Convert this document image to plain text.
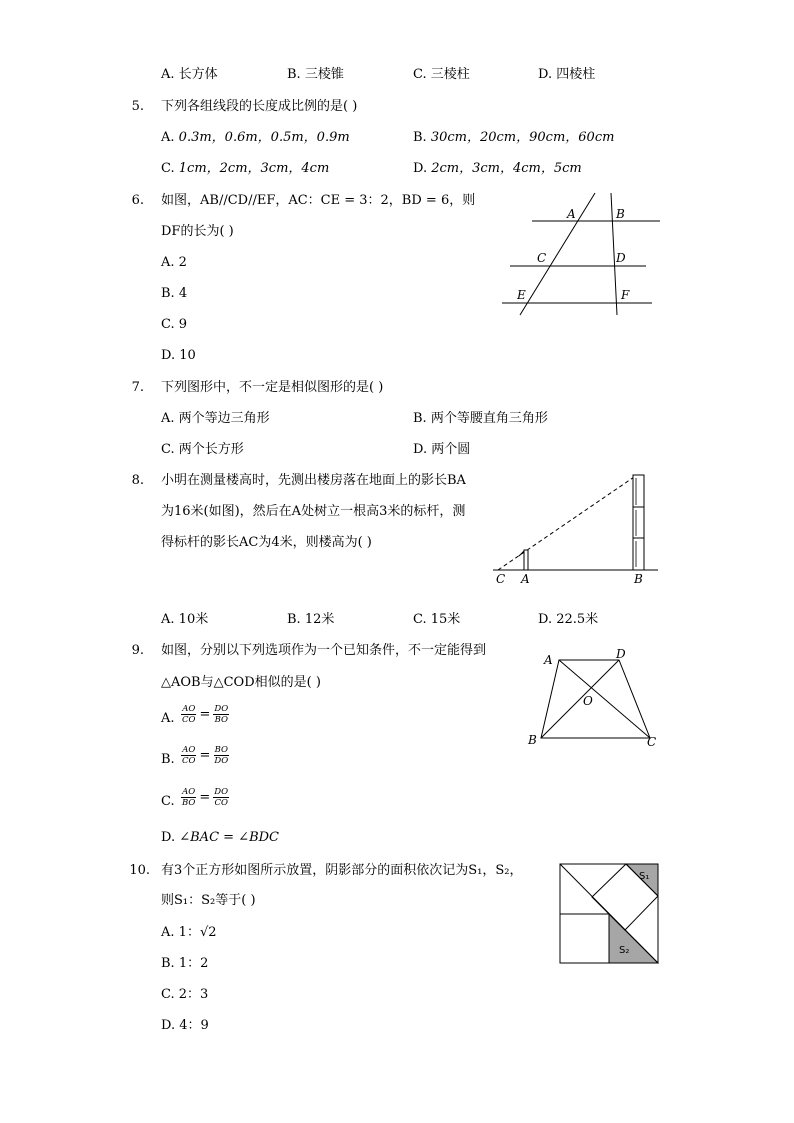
A. 长方体	B. 三棱锥	C. 三棱柱	D. 四棱柱
5. 下列各组线段的长度成比例的是( )
A. 0.3m，0.6m，0.5m，0.9m	B. 30cm，20cm，90cm，60cm
C. 1cm，2cm，3cm，4cm	D. 2cm，3cm，4cm，5cm
6. 如图，AB//CD//EF，AC：CE = 3：2，BD = 6，则
DF的长为( )
A. 2
B. 4
C. 9
D. 10
A	B
C	D
E	F
7. 下列图形中，不一定是相似图形的是( )
A. 两个等边三角形	B. 两个等腰直角三角形
C. 两个长方形	D. 两个圆
8. 小明在测量楼高时，先测出楼房落在地面上的影长BA
为16米(如图)，然后在A处树立一根高3米的标杆，测
得标杆的影长AC为4米，则楼高为( )
C A	B
A. 10米	B. 12米	C. 15米	D. 22.5米
9. 如图，分别以下列选项作为一个已知条件，不一定能得到
△AOB与△COD相似的是( )
A. $\frac{AO}{CO} = \frac{DO}{BO}$
B. $\frac{AO}{CO} = \frac{BO}{DO}$
C. $\frac{AO}{BO} = \frac{DO}{CO}$
D. ∠BAC = ∠BDC
A	D
O
B	C
10. 有3个正方形如图所示放置，阴影部分的面积依次记为S₁，S₂，
则S₁：S₂等于( )
A. 1：√2
B. 1：2
C. 2：3
D. 4：9
S₁
S₂
